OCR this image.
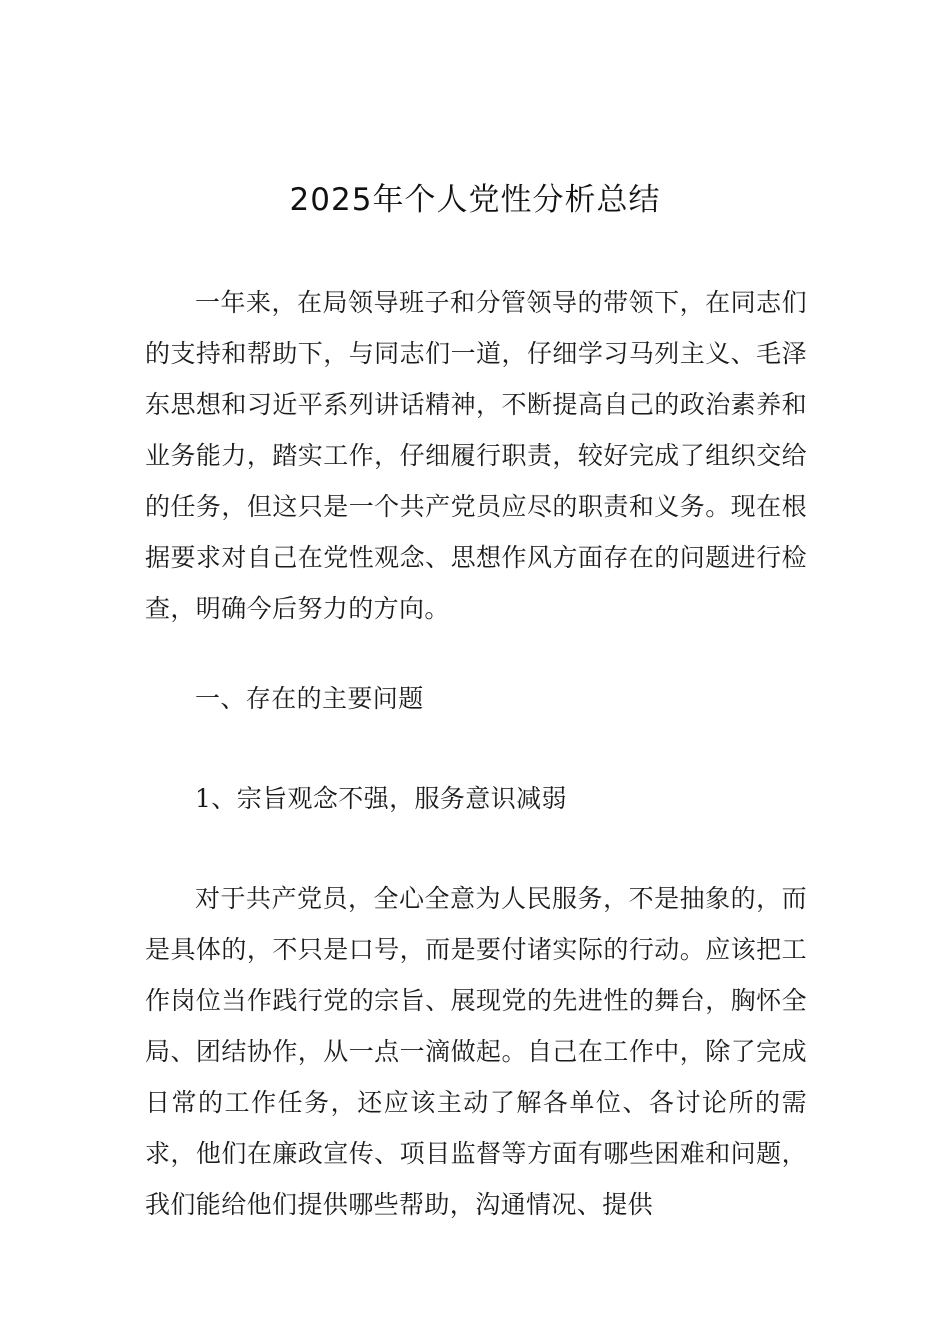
2025年个人党性分析总结

一年来，在局领导班子和分管领导的带领下，在同志们的支持和帮助下，与同志们一道，仔细学习马列主义、毛泽东思想和习近平系列讲话精神，不断提高自己的政治素养和业务能力，踏实工作，仔细履行职责，较好完成了组织交给的任务，但这只是一个共产党员应尽的职责和义务。现在根据要求对自己在党性观念、思想作风方面存在的问题进行检查，明确今后努力的方向。

一、存在的主要问题

1、宗旨观念不强，服务意识减弱

对于共产党员，全心全意为人民服务，不是抽象的，而是具体的，不只是口号，而是要付诸实际的行动。应该把工作岗位当作践行党的宗旨、展现党的先进性的舞台，胸怀全局、团结协作，从一点一滴做起。自己在工作中，除了完成日常的工作任务，还应该主动了解各单位、各讨论所的需求，他们在廉政宣传、项目监督等方面有哪些困难和问题，我们能给他们提供哪些帮助，沟通情况、提供
